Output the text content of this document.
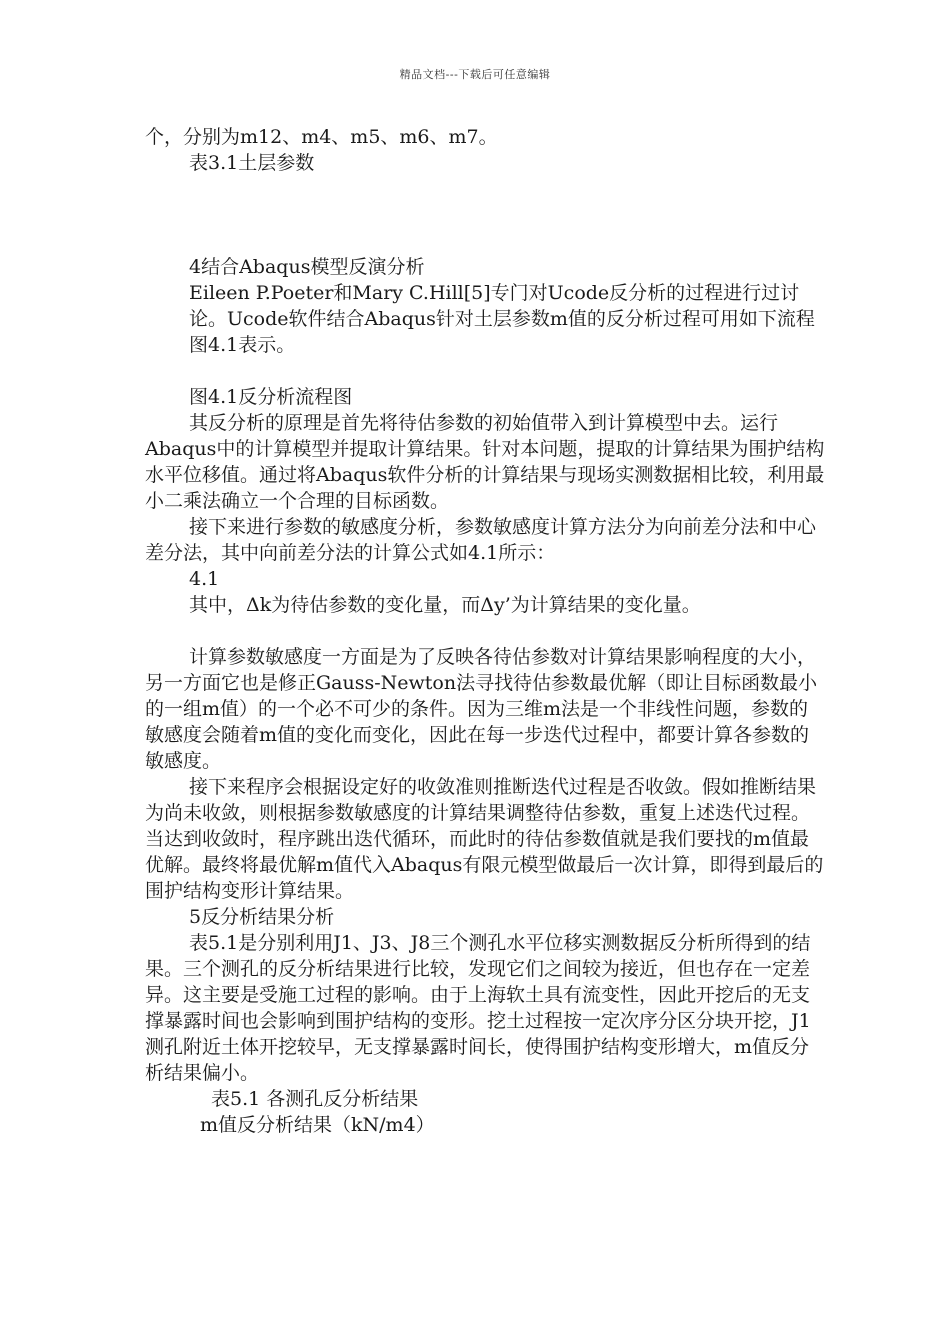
精品文档---下载后可任意编辑

个，分别为m12、m4、m5、m6、m7。

表3.1土层参数

4结合Abaqus模型反演分析

Eileen P.Poeter和Mary C.Hill[5]专门对Ucode反分析的过程进行过讨论。Ucode软件结合Abaqus针对土层参数m值的反分析过程可用如下流程图4.1表示。

图4.1反分析流程图

其反分析的原理是首先将待估参数的初始值带入到计算模型中去。运行Abaqus中的计算模型并提取计算结果。针对本问题，提取的计算结果为围护结构水平位移值。通过将Abaqus软件分析的计算结果与现场实测数据相比较，利用最小二乘法确立一个合理的目标函数。

接下来进行参数的敏感度分析，参数敏感度计算方法分为向前差分法和中心差分法，其中向前差分法的计算公式如4.1所示：

4.1

其中，Δk为待估参数的变化量，而Δy’为计算结果的变化量。

计算参数敏感度一方面是为了反映各待估参数对计算结果影响程度的大小，另一方面它也是修正Gauss-Newton法寻找待估参数最优解（即让目标函数最小的一组m值）的一个必不可少的条件。因为三维m法是一个非线性问题，参数的敏感度会随着m值的变化而变化，因此在每一步迭代过程中，都要计算各参数的敏感度。

接下来程序会根据设定好的收敛准则推断迭代过程是否收敛。假如推断结果为尚未收敛，则根据参数敏感度的计算结果调整待估参数，重复上述迭代过程。当达到收敛时，程序跳出迭代循环，而此时的待估参数值就是我们要找的m值最优解。最终将最优解m值代入Abaqus有限元模型做最后一次计算，即得到最后的围护结构变形计算结果。

5反分析结果分析

表5.1是分别利用J1、J3、J8三个测孔水平位移实测数据反分析所得到的结果。三个测孔的反分析结果进行比较，发现它们之间较为接近，但也存在一定差异。这主要是受施工过程的影响。由于上海软土具有流变性，因此开挖后的无支撑暴露时间也会影响到围护结构的变形。挖土过程按一定次序分区分块开挖，J1测孔附近土体开挖较早，无支撑暴露时间长，使得围护结构变形增大，m值反分析结果偏小。

表5.1 各测孔反分析结果

m值反分析结果（kN/m4）
